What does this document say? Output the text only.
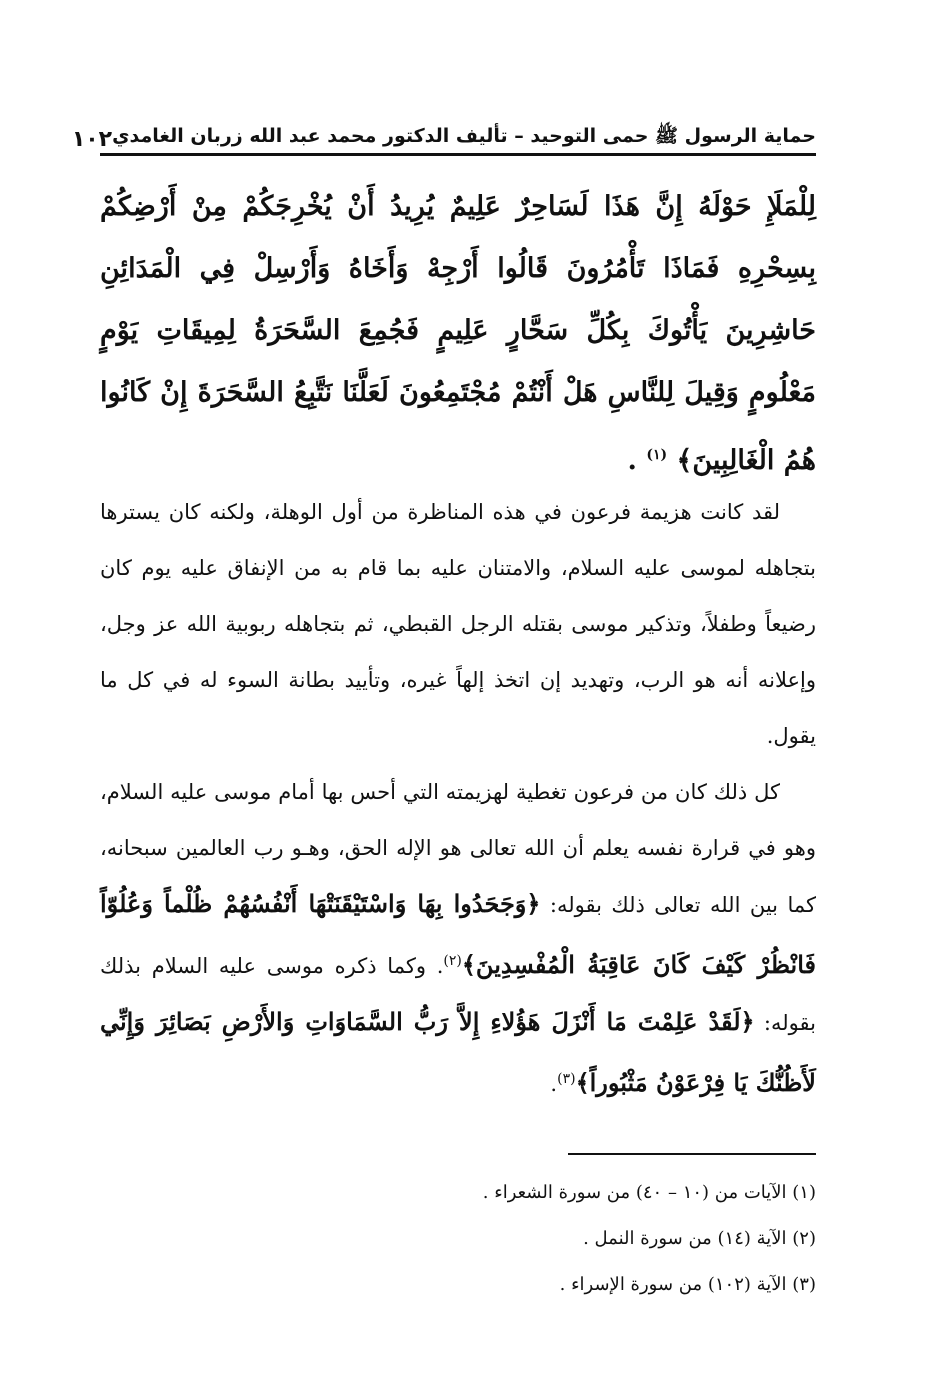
حماية الرسول ﷺ حمى التوحيد – تأليف الدكتور محمد عبد الله زربان الغامدي
١٠٢
لِلْمَلَإِ حَوْلَهُ إِنَّ هَذَا لَسَاحِرٌ عَلِيمٌ يُرِيدُ أَنْ يُخْرِجَكُمْ مِنْ أَرْضِكُمْ بِسِحْرِهِ فَمَاذَا تَأْمُرُونَ قَالُوا أَرْجِهْ وَأَخَاهُ وَأَرْسِلْ فِي الْمَدَائِنِ حَاشِرِينَ يَأْتُوكَ بِكُلِّ سَحَّارٍ عَلِيمٍ فَجُمِعَ السَّحَرَةُ لِمِيقَاتِ يَوْمٍ مَعْلُومٍ وَقِيلَ لِلنَّاسِ هَلْ أَنْتُمْ مُجْتَمِعُونَ لَعَلَّنَا نَتَّبِعُ السَّحَرَةَ إِنْ كَانُوا هُمُ الْغَالِبِينَ﴾ $^{(١)}$ .

لقد كانت هزيمة فرعون في هذه المناظرة من أول الوهلة، ولكنه كان يسترها بتجاهله لموسى عليه السلام، والامتنان عليه بما قام به من الإنفاق عليه يوم كان رضيعاً وطفلاً، وتذكير موسى بقتله الرجل القبطي، ثم بتجاهله ربوبية الله عز وجل، وإعلانه أنه هو الرب، وتهديد إن اتخذ إلهاً غيره، وتأييد بطانة السوء له في كل ما يقول.

كل ذلك كان من فرعون تغطية لهزيمته التي أحس بها أمام موسى عليه السلام، وهو في قرارة نفسه يعلم أن الله تعالى هو الإله الحق، وهـو رب العالمين سبحانه، كما بين الله تعالى ذلك بقوله: ﴿وَجَحَدُوا بِهَا وَاسْتَيْقَنَتْهَا أَنْفُسُهُمْ ظُلْماً وَعُلُوّاً فَانْظُرْ كَيْفَ كَانَ عَاقِبَةُ الْمُفْسِدِينَ﴾$^{(٢)}$. وكما ذكره موسى عليه السلام بذلك بقوله: ﴿لَقَدْ عَلِمْتَ مَا أَنْزَلَ هَؤُلاءِ إِلاَّ رَبُّ السَّمَاوَاتِ وَالأَرْضِ بَصَائِرَ وَإِنِّي لَأَظُنُّكَ يَا فِرْعَوْنُ مَثْبُوراً﴾$^{(٣)}$.

(١) الآيات من (١٠ – ٤٠) من سورة الشعراء .
(٢) الآية (١٤) من سورة النمل .
(٣) الآية (١٠٢) من سورة الإسراء .
